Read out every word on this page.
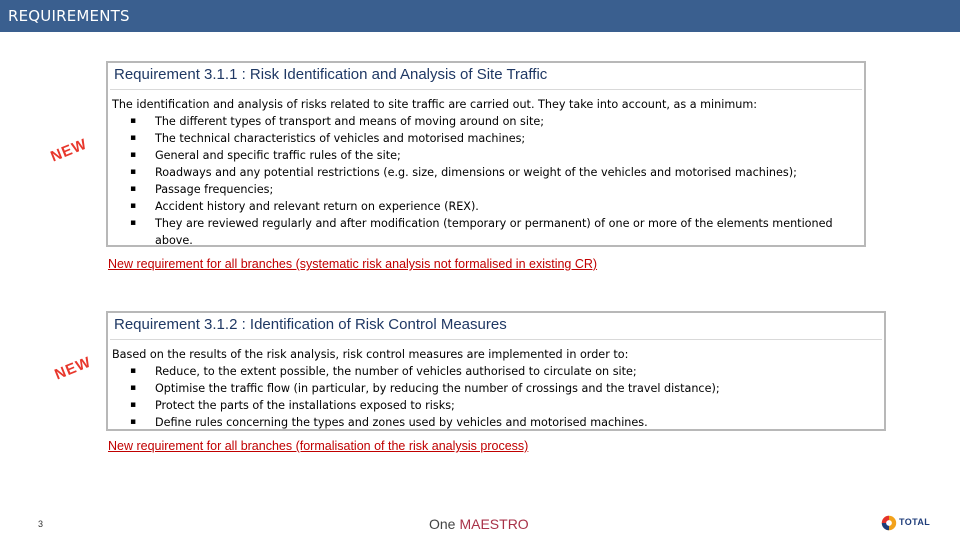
REQUIREMENTS
NEW
Requirement 3.1.1 : Risk Identification and Analysis of Site Traffic
The identification and analysis of risks related to site traffic are carried out. They take into account, as a minimum:
▪ The different types of transport and means of moving around on site;
▪ The technical characteristics of vehicles and motorised machines;
▪ General and specific traffic rules of the site;
▪ Roadways and any potential restrictions (e.g. size, dimensions or weight of the vehicles and motorised machines);
▪ Passage frequencies;
▪ Accident history and relevant return on experience (REX).
▪ They are reviewed regularly and after modification (temporary or permanent) of one or more of the elements mentioned above.
New requirement for all branches (systematic risk analysis not formalised in existing CR)
NEW
Requirement 3.1.2 : Identification of Risk Control Measures
Based on the results of the risk analysis, risk control measures are implemented in order to:
▪ Reduce, to the extent possible, the number of vehicles authorised to circulate on site;
▪ Optimise the traffic flow (in particular, by reducing the number of crossings and the travel distance);
▪ Protect the parts of the installations exposed to risks;
▪ Define rules concerning the types and zones used by vehicles and motorised machines.
New requirement for all branches (formalisation of the risk analysis process)
3	One MAESTRO	TOTAL
